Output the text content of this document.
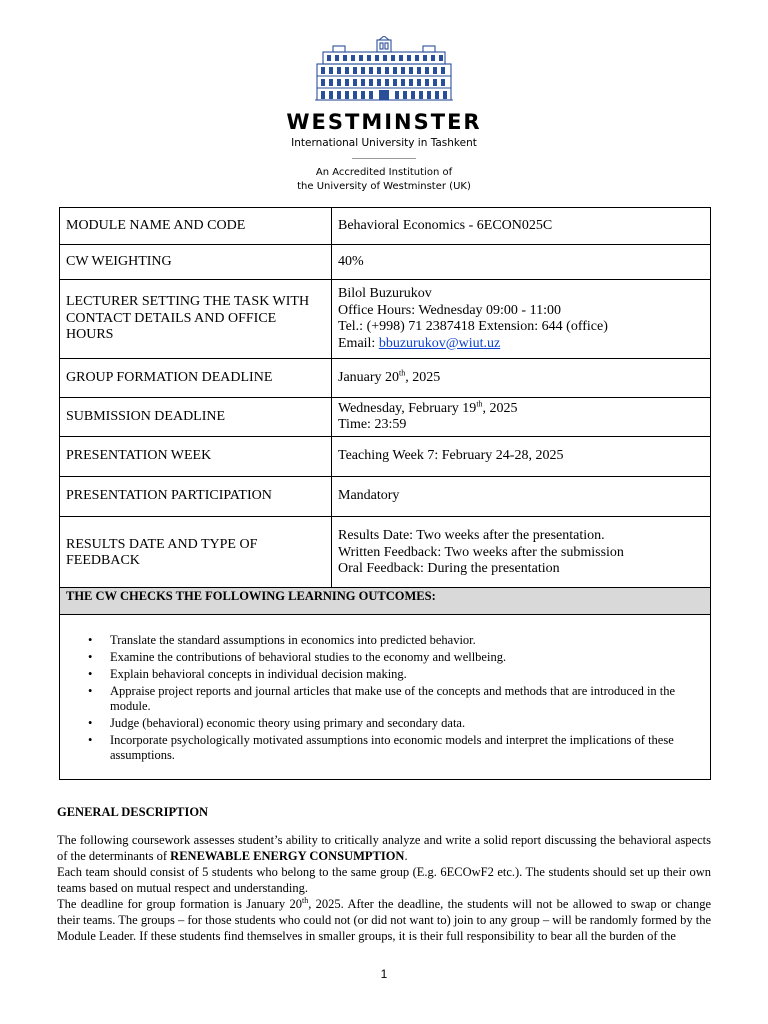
WESTMINSTER
International University in Tashkent
An Accredited Institution of
the University of Westminster (UK)
MODULE NAME AND CODE	Behavioral Economics - 6ECON025C
CW WEIGHTING	40%
LECTURER SETTING THE TASK WITH CONTACT DETAILS AND OFFICE HOURS	Bilol Buzurukov
Office Hours: Wednesday 09:00 - 11:00
Tel.: (+998) 71 2387418 Extension: 644 (office)
Email: bbuzurukov@wiut.uz

GROUP FORMATION DEADLINE	January 20th, 2025
SUBMISSION DEADLINE	Wednesday, February 19th, 2025
Time: 23:59

PRESENTATION WEEK	Teaching Week 7: February 24-28, 2025
PRESENTATION PARTICIPATION	Mandatory
RESULTS DATE AND TYPE OF FEEDBACK	Results Date: Two weeks after the presentation.
Written Feedback: Two weeks after the submission
Oral Feedback: During the presentation
THE CW CHECKS THE FOLLOWING LEARNING OUTCOMES:
• Translate the standard assumptions in economics into predicted behavior.
• Examine the contributions of behavioral studies to the economy and wellbeing.
• Explain behavioral concepts in individual decision making.
• Appraise project reports and journal articles that make use of the concepts and methods that are introduced in the module.
• Judge (behavioral) economic theory using primary and secondary data.
• Incorporate psychologically motivated assumptions into economic models and interpret the implications of these assumptions.
GENERAL DESCRIPTION

The following coursework assesses student’s ability to critically analyze and write a solid report discussing the behavioral aspects of the determinants of RENEWABLE ENERGY CONSUMPTION.

Each team should consist of 5 students who belong to the same group (E.g. 6ECOwF2 etc.). The students should set up their own teams based on mutual respect and understanding.

The deadline for group formation is January 20th, 2025. After the deadline, the students will not be allowed to swap or change their teams. The groups – for those students who could not (or did not want to) join to any group – will be randomly formed by the Module Leader. If these students find themselves in smaller groups, it is their full responsibility to bear all the burden of the

1
